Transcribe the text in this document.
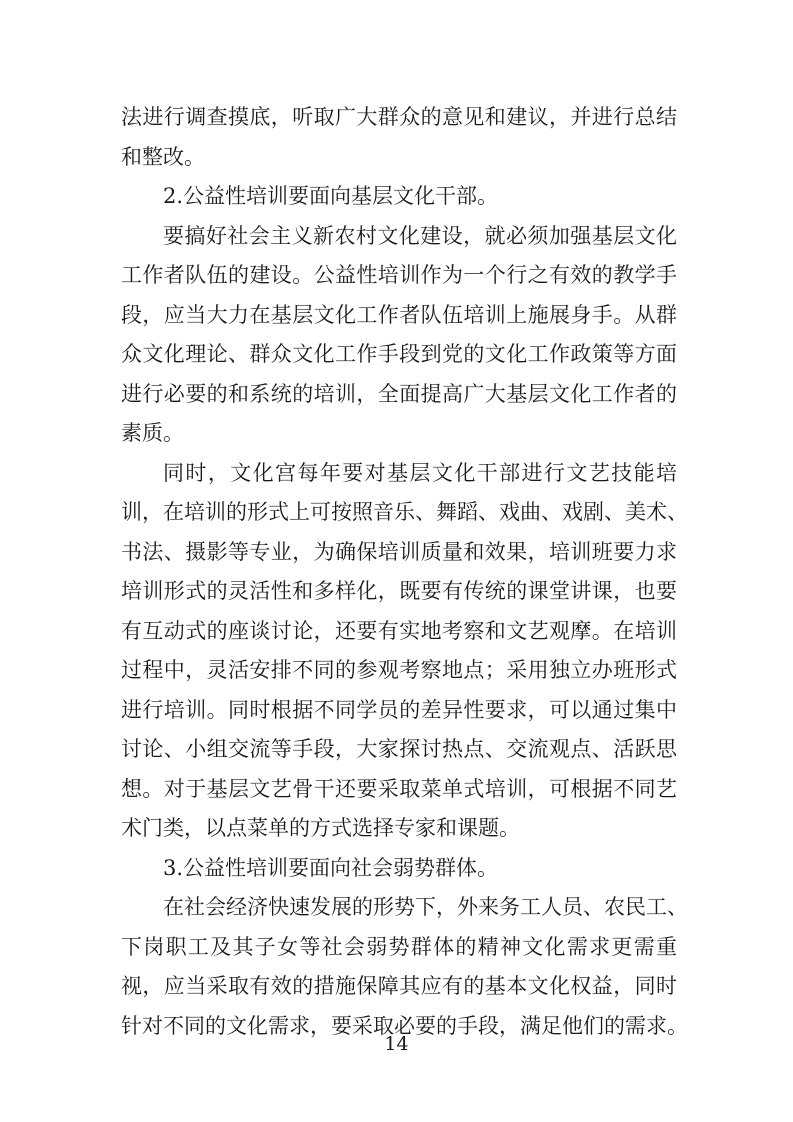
法进行调查摸底，听取广大群众的意见和建议，并进行总结
和整改。
2.公益性培训要面向基层文化干部。
要搞好社会主义新农村文化建设，就必须加强基层文化
工作者队伍的建设。公益性培训作为一个行之有效的教学手
段，应当大力在基层文化工作者队伍培训上施展身手。从群
众文化理论、群众文化工作手段到党的文化工作政策等方面
进行必要的和系统的培训，全面提高广大基层文化工作者的
素质。
同时，文化宫每年要对基层文化干部进行文艺技能培
训，在培训的形式上可按照音乐、舞蹈、戏曲、戏剧、美术、
书法、摄影等专业，为确保培训质量和效果，培训班要力求
培训形式的灵活性和多样化，既要有传统的课堂讲课，也要
有互动式的座谈讨论，还要有实地考察和文艺观摩。在培训
过程中，灵活安排不同的参观考察地点；采用独立办班形式
进行培训。同时根据不同学员的差异性要求，可以通过集中
讨论、小组交流等手段，大家探讨热点、交流观点、活跃思
想。对于基层文艺骨干还要采取菜单式培训，可根据不同艺
术门类，以点菜单的方式选择专家和课题。
3.公益性培训要面向社会弱势群体。
在社会经济快速发展的形势下，外来务工人员、农民工、
下岗职工及其子女等社会弱势群体的精神文化需求更需重
视，应当采取有效的措施保障其应有的基本文化权益，同时
针对不同的文化需求，要采取必要的手段，满足他们的需求。
14
